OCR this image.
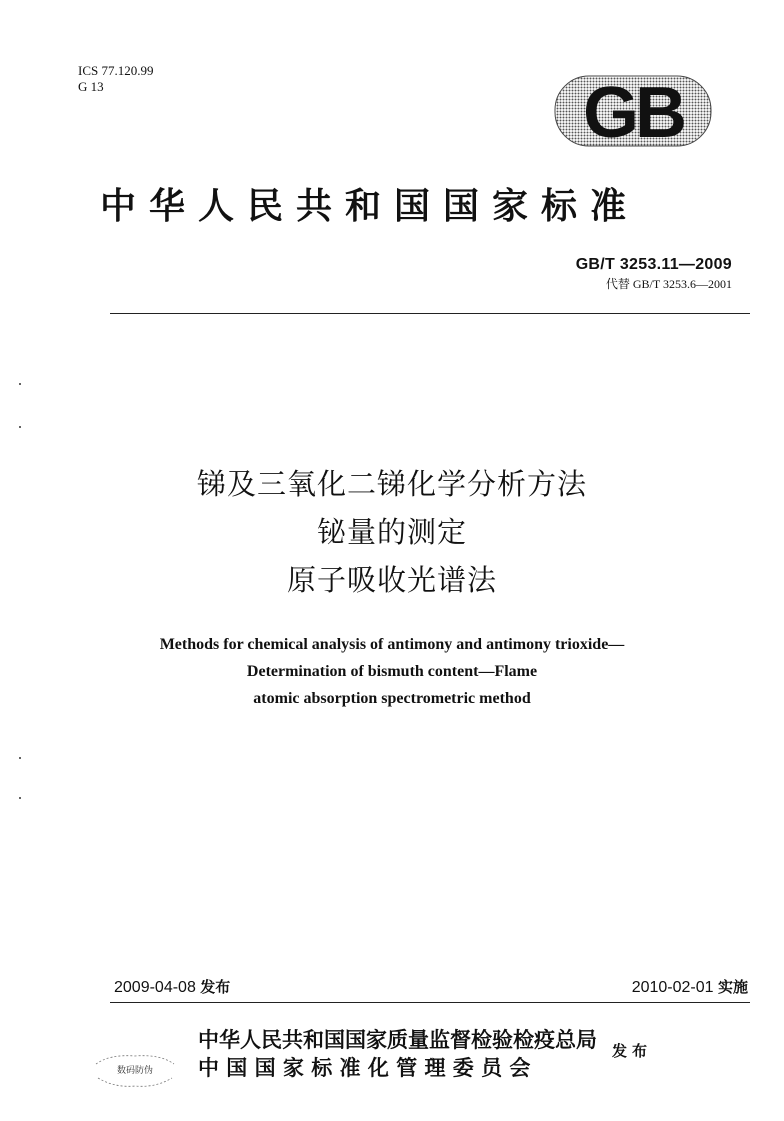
ICS 77.120.99
G 13	GB
中华人民共和国国家标准
GB/T 3253.11—2009
代替 GB/T 3253.6—2001
锑及三氧化二锑化学分析方法
铋量的测定
原子吸收光谱法
Methods for chemical analysis of antimony and antimony trioxide—
Determination of bismuth content—Flame
atomic absorption spectrometric method
2009-04-08 发布	2010-02-01 实施
中华人民共和国国家质量监督检验检疫总局
中 国 国 家 标 准 化 管 理 委 员 会
发布
数码防伪
